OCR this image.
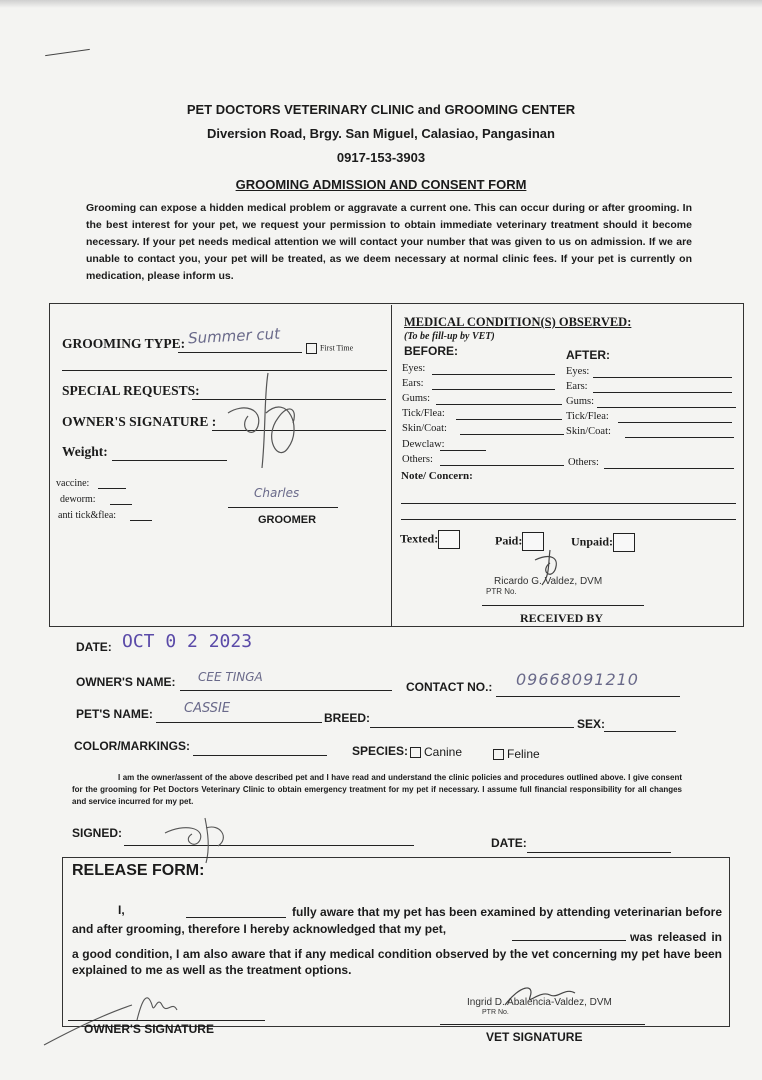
PET DOCTORS VETERINARY CLINIC and GROOMING CENTER
Diversion Road, Brgy. San Miguel, Calasiao, Pangasinan
0917-153-3903
GROOMING ADMISSION AND CONSENT FORM
Grooming can expose a hidden medical problem or aggravate a current one. This can occur during or after grooming. In the best interest for your pet, we request your permission to obtain immediate veterinary treatment should it become necessary. If your pet needs medical attention we will contact your number that was given to us on admission. If we are unable to contact you, your pet will be treated, as we deem necessary at normal clinic fees. If your pet is currently on medication, please inform us.
GROOMING TYPE: Summer cut
First Time
SPECIAL REQUESTS:
OWNER'S SIGNATURE :
Weight:
vaccine:
deworm:
anti tick&flea:
Charles
GROOMER
MEDICAL CONDITION(S) OBSERVED:
(To be fill-up by VET)
BEFORE:	AFTER:
Eyes:
Ears:
Gums:
Tick/Flea:
Skin/Coat:
Dewclaw:
Others:
Eyes:
Ears:
Gums:
Tick/Flea:
Skin/Coat:
Others:
Note/ Concern:
Texted:	Paid:	Unpaid:
Ricardo G. Valdez, DVM
PTR No.
RECEIVED BY
DATE: OCT 0 2 2023
OWNER'S NAME: CEE TINGA
CONTACT NO.: 09668091210
PET'S NAME: CASSIE
BREED:	SEX:
COLOR/MARKINGS:	SPECIES:	Canine	Feline
I am the owner/assent of the above described pet and I have read and understand the clinic policies and procedures outlined above. I give consent for the grooming for Pet Doctors Veterinary Clinic to obtain emergency treatment for my pet if necessary. I assume full financial responsibility for all changes and service incurred for my pet.
SIGNED:
DATE:
RELEASE FORM:
I,	fully aware that my pet has been examined by attending veterinarian before and after grooming, therefore I hereby acknowledged that my pet,
was released in a good condition, I am also aware that if any medical condition observed by the vet concerning my pet have been explained to me as well as the treatment options.
OWNER'S SIGNATURE
Ingrid D. Abalencia-Valdez, DVM
PTR No.
VET SIGNATURE
